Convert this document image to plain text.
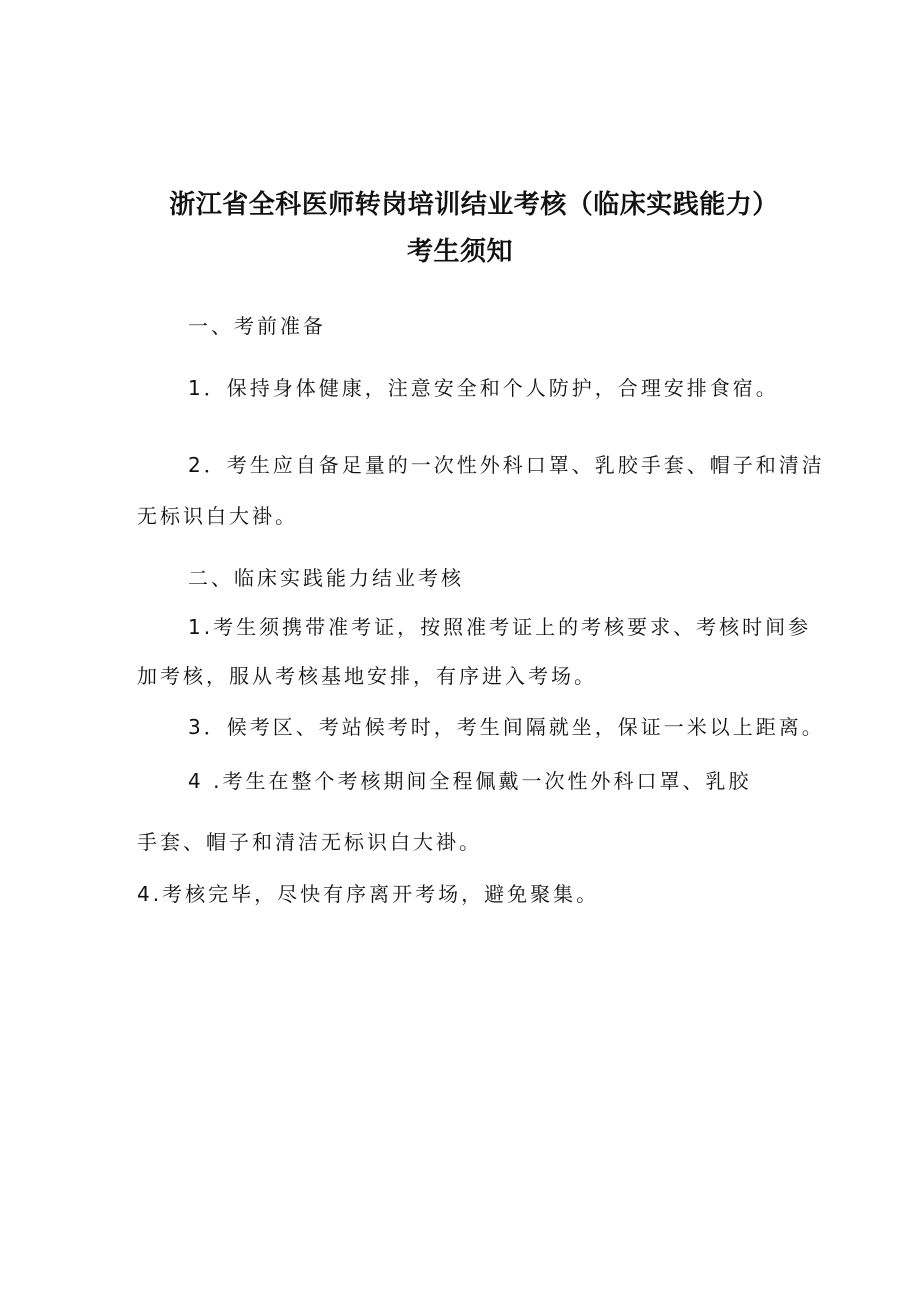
浙江省全科医师转岗培训结业考核（临床实践能力）
考生须知
一、考前准备
1．保持身体健康，注意安全和个人防护，合理安排食宿。
2．考生应自备足量的一次性外科口罩、乳胶手套、帽子和清洁
无标识白大褂。
二、临床实践能力结业考核
1.考生须携带准考证，按照准考证上的考核要求、考核时间参
加考核，服从考核基地安排，有序进入考场。
3．候考区、考站候考时，考生间隔就坐，保证一米以上距离。
4 .考生在整个考核期间全程佩戴一次性外科口罩、乳胶
手套、帽子和清洁无标识白大褂。
4.考核完毕，尽快有序离开考场，避免聚集。
